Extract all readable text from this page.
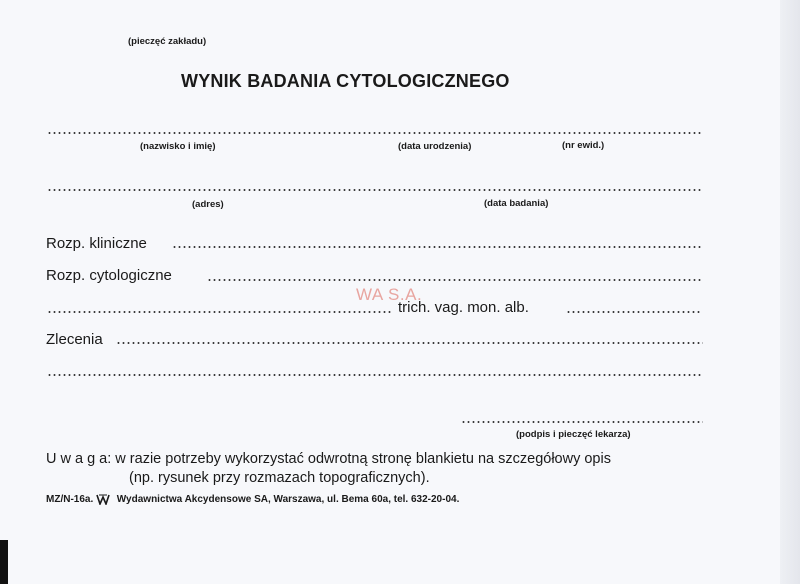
(pieczęć zakładu)
WYNIK BADANIA CYTOLOGICZNEGO
(nazwisko i imię)	(data urodzenia)	(nr ewid.)
(adres)	(data badania)
Rozp. kliniczne
Rozp. cytologiczne
WA S.A.
trich. vag. mon. alb.
Zlecenia
(podpis i pieczęć lekarza)
U w a g a: w razie potrzeby wykorzystać odwrotną stronę blankietu na szczegółowy opis
(np. rysunek przy rozmazach topograficznych).
MZ/N-16a. Wydawnictwa Akcydensowe SA, Warszawa, ul. Bema 60a, tel. 632-20-04.
